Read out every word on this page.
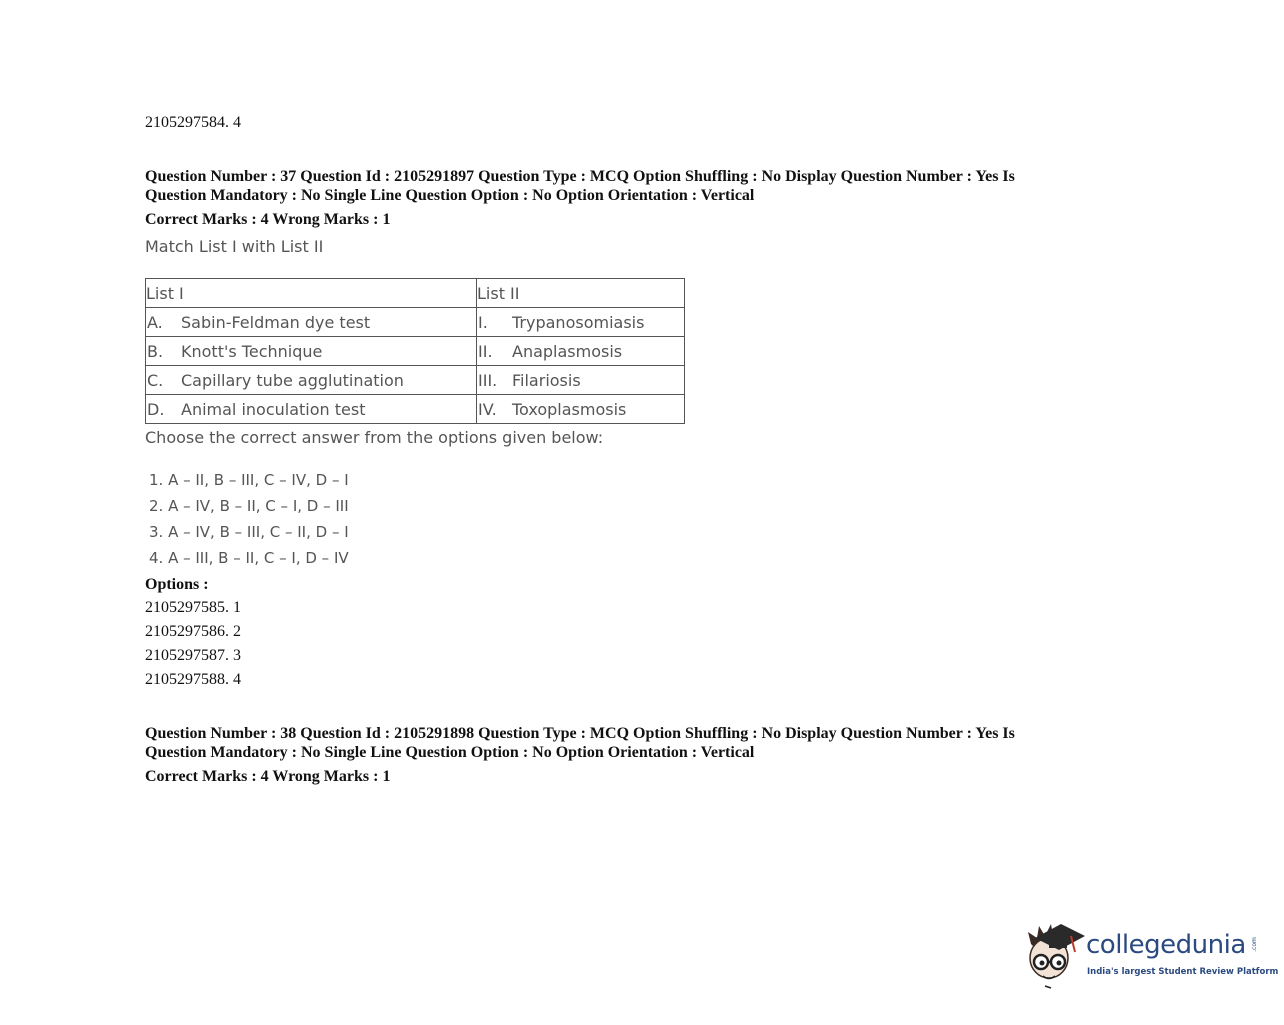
2105297584. 4
Question Number : 37 Question Id : 2105291897 Question Type : MCQ Option Shuffling : No Display Question Number : Yes Is
Question Mandatory : No Single Line Question Option : No Option Orientation : Vertical
Correct Marks : 4 Wrong Marks : 1
Match List I with List II
List I	List II
A. Sabin-Feldman dye test	I. Trypanosomiasis
B. Knott's Technique	II. Anaplasmosis
C. Capillary tube agglutination	III. Filariosis
D. Animal inoculation test	IV. Toxoplasmosis
Choose the correct answer from the options given below:
1. A – II, B – III, C – IV, D – I
2. A – IV, B – II, C – I, D – III
3. A – IV, B – III, C – II, D – I
4. A – III, B – II, C – I, D – IV
Options :
2105297585. 1
2105297586. 2
2105297587. 3
2105297588. 4
Question Number : 38 Question Id : 2105291898 Question Type : MCQ Option Shuffling : No Display Question Number : Yes Is
Question Mandatory : No Single Line Question Option : No Option Orientation : Vertical
Correct Marks : 4 Wrong Marks : 1
collegedunia .com
India's largest Student Review Platform
